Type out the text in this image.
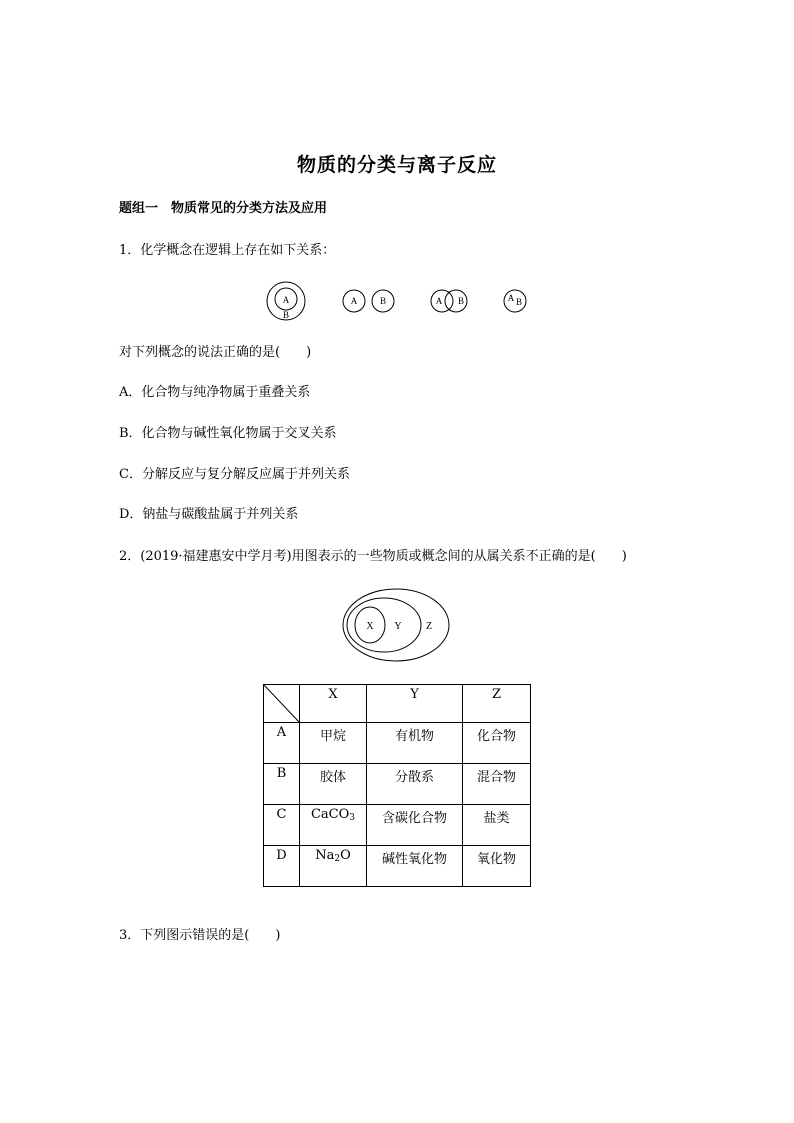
物质的分类与离子反应
题组一　物质常见的分类方法及应用
1．化学概念在逻辑上存在如下关系：
A
B
A	B	A B	A B
对下列概念的说法正确的是(　　)
A．化合物与纯净物属于重叠关系
B．化合物与碱性氧化物属于交叉关系
C．分解反应与复分解反应属于并列关系
D．钠盐与碳酸盐属于并列关系
2．(2019·福建惠安中学月考)用图表示的一些物质或概念间的从属关系不正确的是(　　)
X Y Z
	X	Y	Z
A	甲烷	有机物	化合物
B	胶体	分散系	混合物
C	CaCO$_3$	含碳化合物	盐类
D	$Na_2O$	碱性氧化物	氧化物
3．下列图示错误的是(　　)
